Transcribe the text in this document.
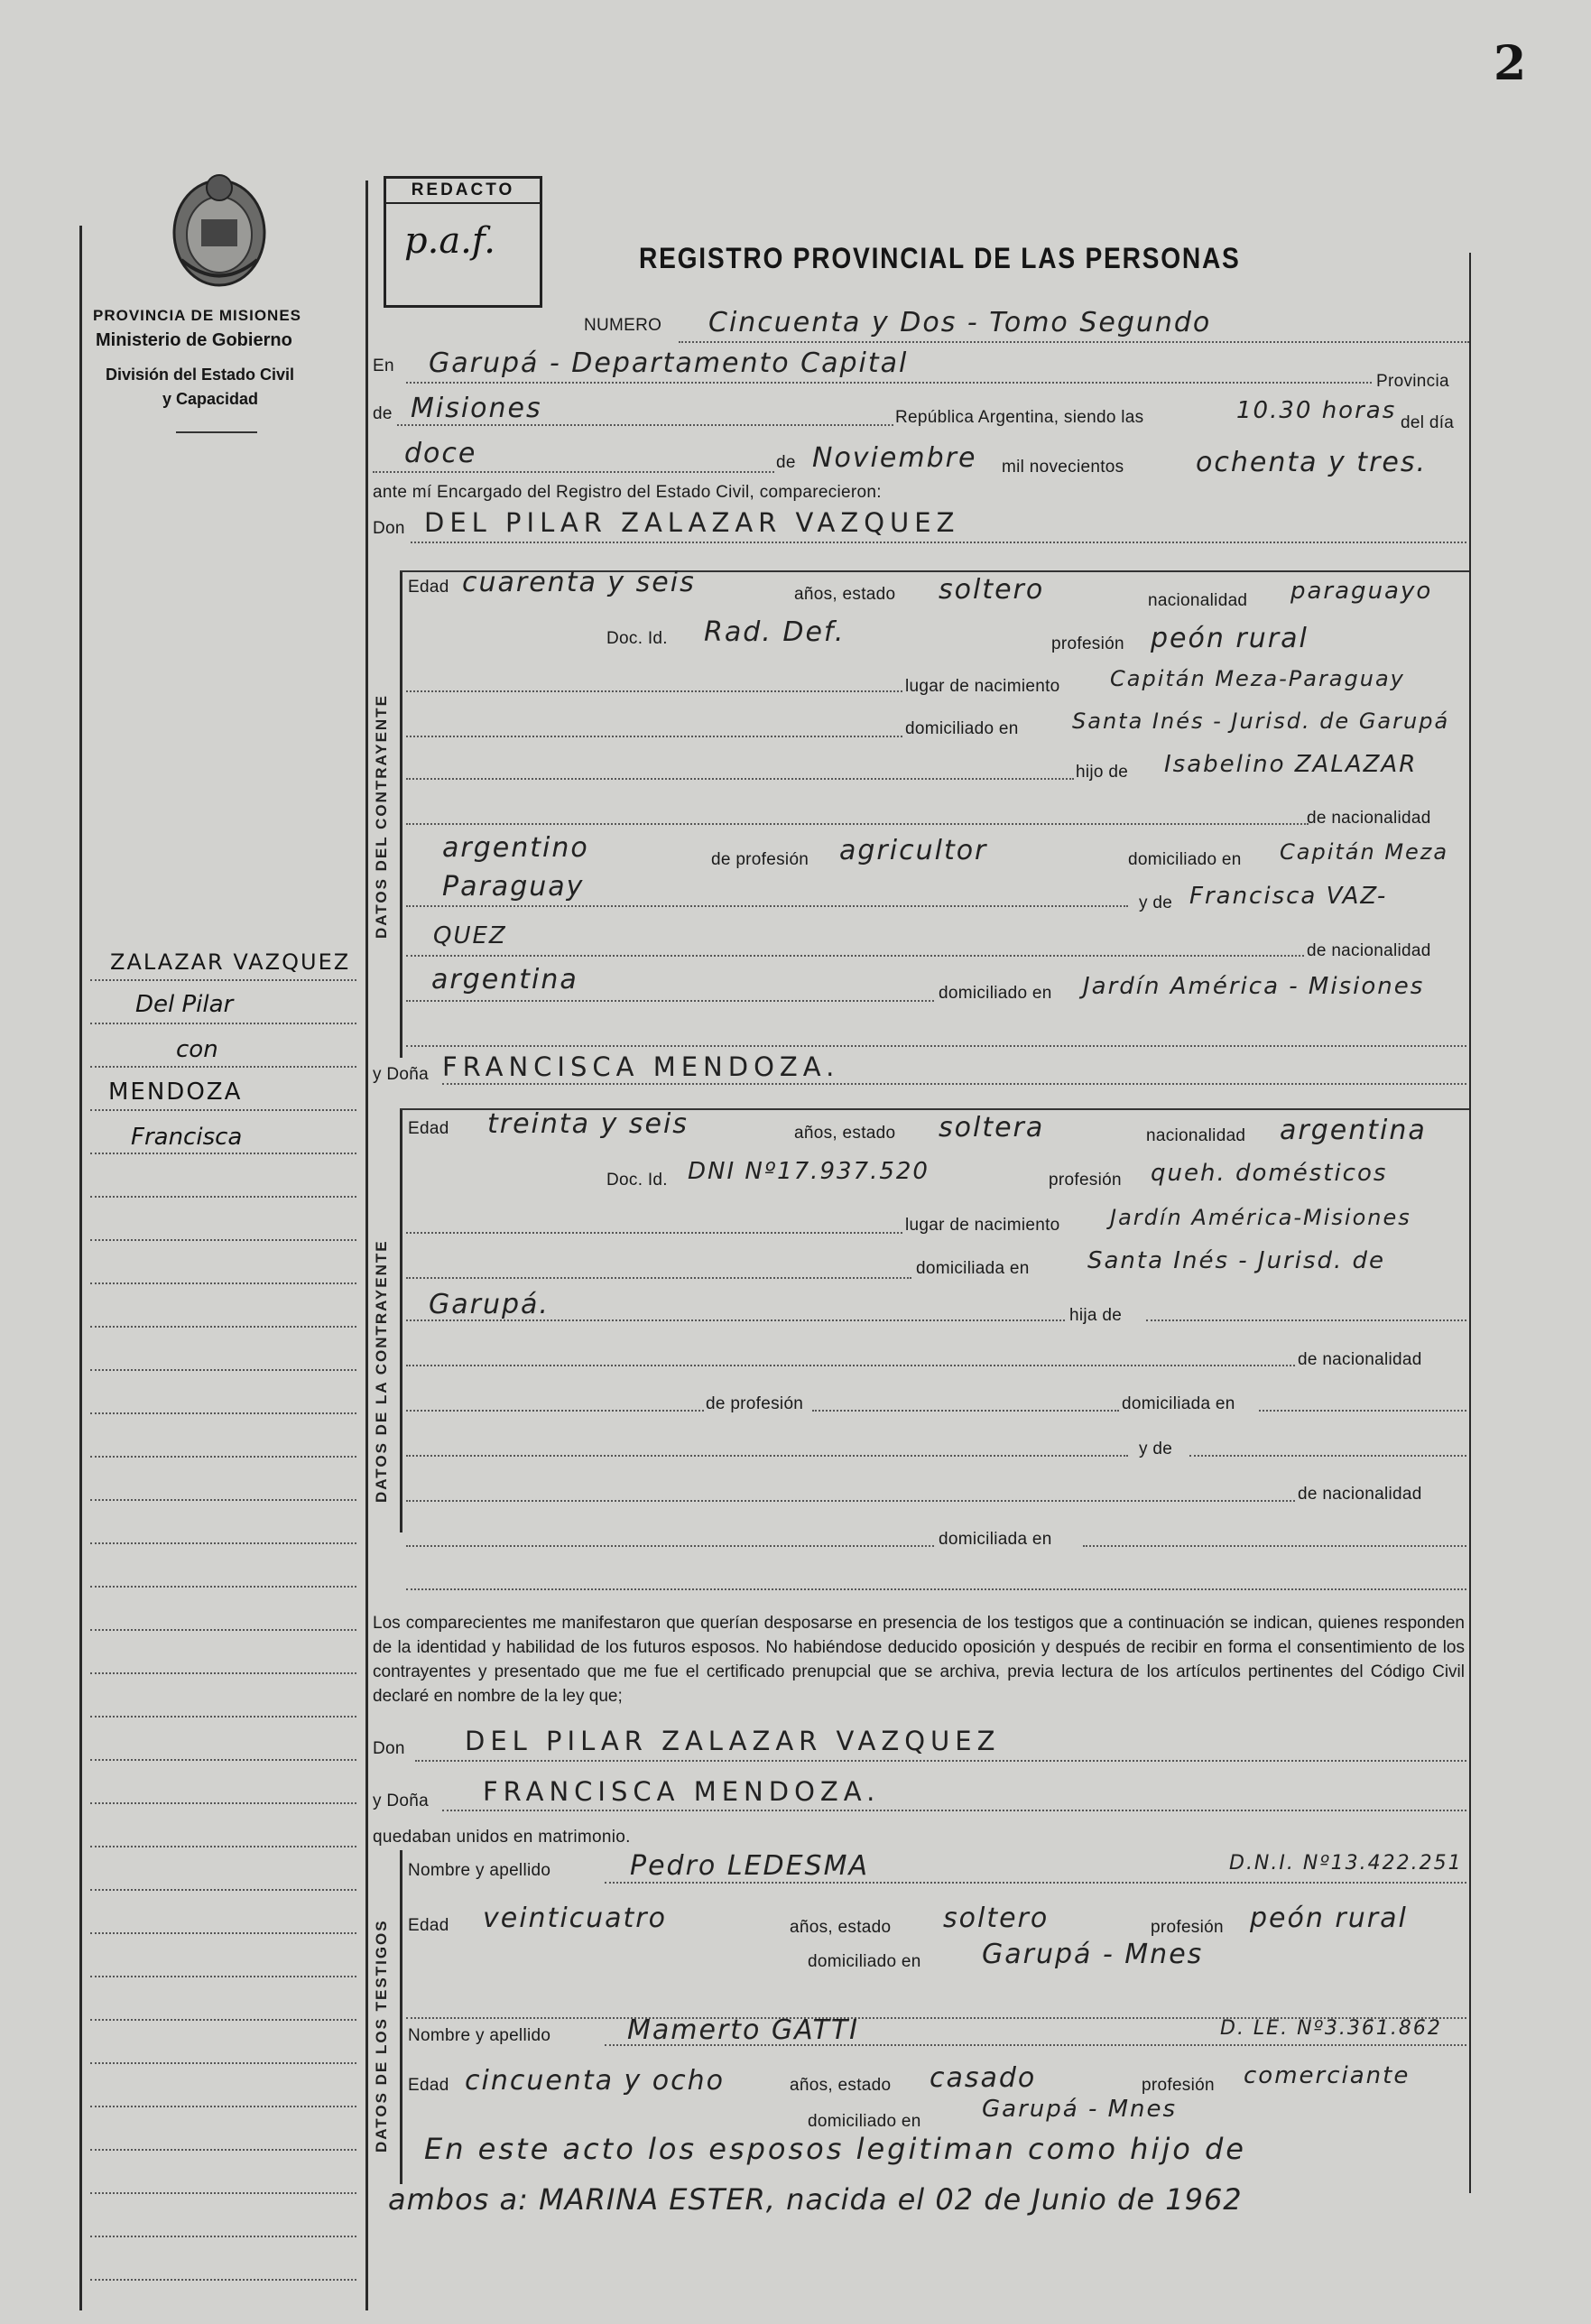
2
PROVINCIA DE MISIONES
Ministerio de Gobierno
División del Estado Civil
y Capacidad
REDACTO
p.a.f.	REGISTRO PROVINCIAL DE LAS PERSONAS
NUMERO Cincuenta y Dos - Tomo Segundo
En Garupá - Departamento Capital
Provincia
de Misiones	República Argentina, siendo las	10.30 horas del día
doce	de Noviembre mil novecientos	ochenta y tres.
ante mí Encargado del Registro del Estado Civil, comparecieron:
Don DEL PILAR ZALAZAR VAZQUEZ
DATOS DEL CONTRAYENTE
Edad cuarenta y seis	años, estado soltero	nacionalidad paraguayo
Doc. Id. Rad. Def.	profesión peón rural
lugar de nacimiento Capitán Meza-Paraguay
domiciliado en Santa Inés - Jurisd. de Garupá
hijo de Isabelino ZALAZAR
de nacionalidad
argentino	de profesión agricultor	domiciliado en Capitán Meza
Paraguay
y de Francisca VAZ-
QUEZ
de nacionalidad
argentina	domiciliado en Jardín América - Misiones
y Doña FRANCISCA MENDOZA.
DATOS DE LA CONTRAYENTE
Edad treinta y seis	años, estado soltera	nacionalidad argentina
Doc. Id. DNI Nº17.937.520	profesión queh. domésticos
lugar de nacimiento Jardín América-Misiones
domiciliada en Santa Inés - Jurisd. de
Garupá.	hija de
de nacionalidad
de profesión	domiciliada en
y de
de nacionalidad
domiciliada en
Los comparecientes me manifestaron que querían desposarse en presencia de los testigos que a continuación se indican, quienes responden de la identidad y habilidad de los futuros esposos. No habiéndose deducido oposición y después de recibir en forma el consentimiento de los contrayentes y presentado que me fue el certificado prenupcial que se archiva, previa lectura de los artículos pertinentes del Código Civil declaré en nombre de la ley que;
Don DEL PILAR ZALAZAR VAZQUEZ
y Doña FRANCISCA MENDOZA.
quedaban unidos en matrimonio.
DATOS DE LOS TESTIGOS
Nombre y apellido	Pedro LEDESMA	D.N.I. Nº13.422.251
Edad veinticuatro	años, estado soltero	profesión peón rural
domiciliado en Garupá - Mnes
Nombre y apellido	Mamerto GATTI	D. LE. Nº3.361.862
Edad cincuenta y ocho	años, estado casado	profesión comerciante
domiciliado en	Garupá - Mnes
En este acto los esposos legitiman como hijo de
ambos a: MARINA ESTER, nacida el 02 de Junio de 1962
ZALAZAR VAZQUEZ
Del Pilar
con
MENDOZA
Francisca
